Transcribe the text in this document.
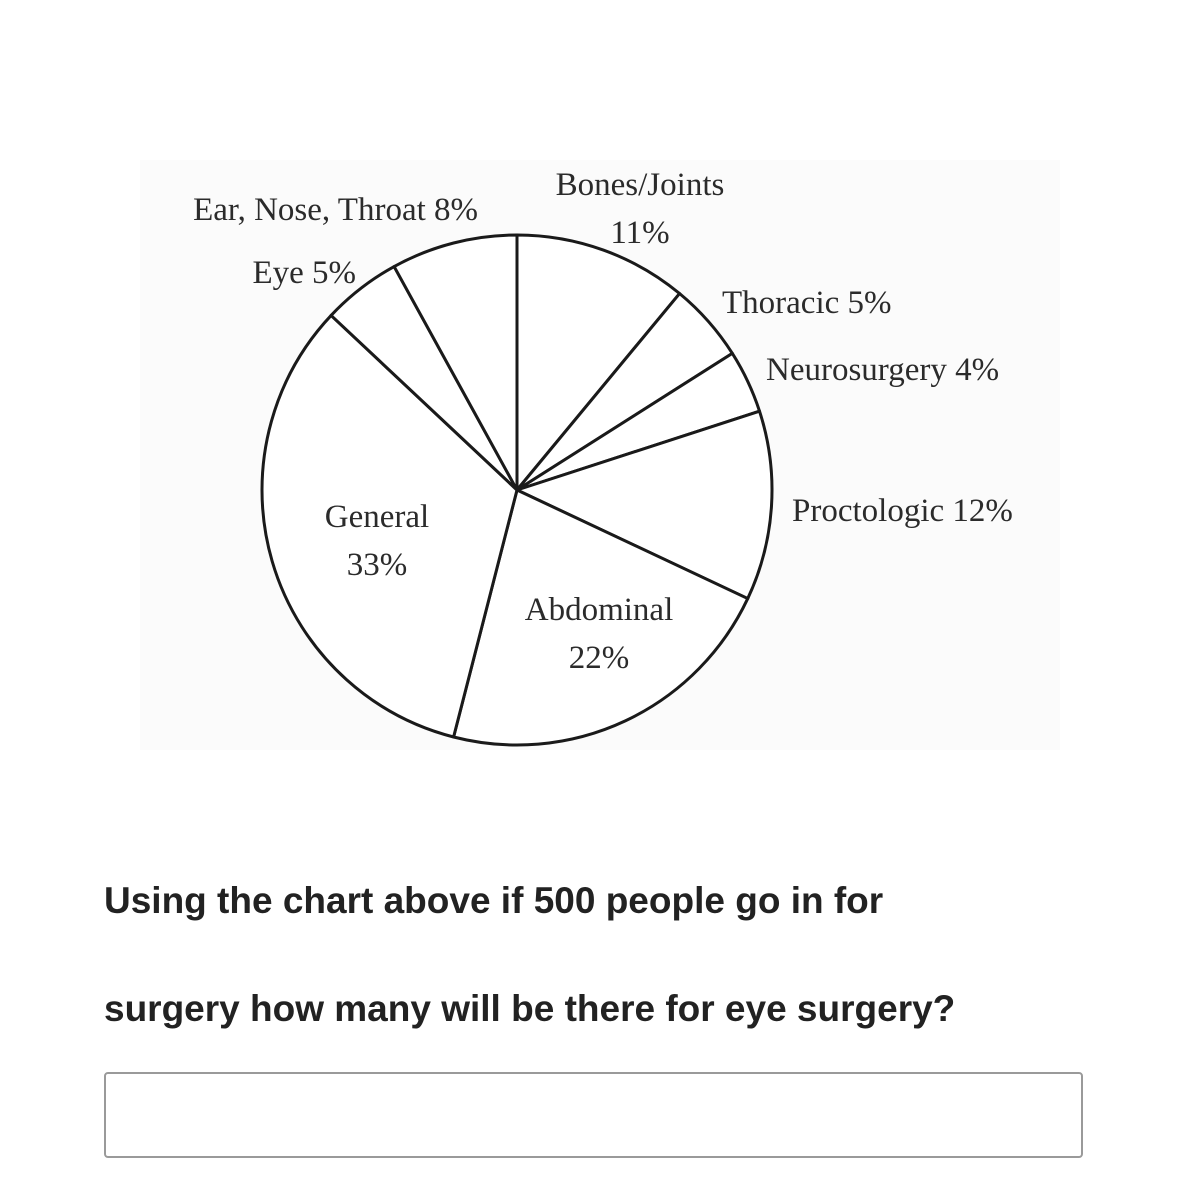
Bones/Joints
11%
Thoracic 5%
Neurosurgery 4%
Proctologic 12%
Abdominal
22%
General
33%
Eye 5%
Ear, Nose, Throat 8%
Using the chart above if 500 people go in for
surgery how many will be there for eye surgery?
